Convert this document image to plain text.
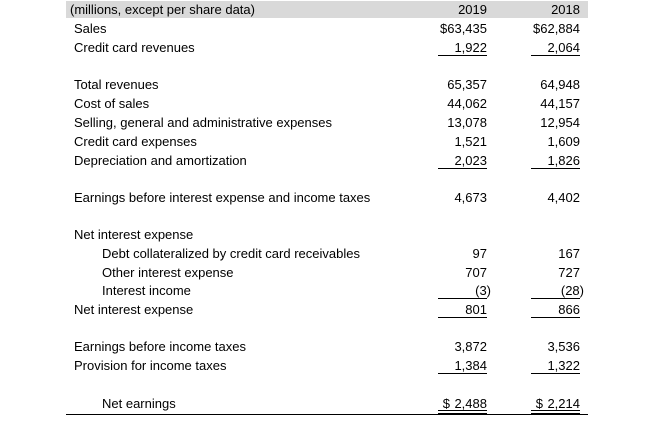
(millions, except per share data)	2019	2018
Sales	$63,435	$62,884
Credit card revenues	1,922	2,064
Total revenues	65,357	64,948
Cost of sales	44,062	44,157
Selling, general and administrative expenses	13,078	12,954
Credit card expenses	1,521	1,609
Depreciation and amortization	2,023	1,826
Earnings before interest expense and income taxes	4,673	4,402
Net interest expense
Debt collateralized by credit card receivables	97	167
Other interest expense	707	727
Interest income	(3)	(28)
Net interest expense	801	866
Earnings before income taxes	3,872	3,536
Provision for income taxes	1,384	1,322
Net earnings	$ 2,488	$ 2,214
